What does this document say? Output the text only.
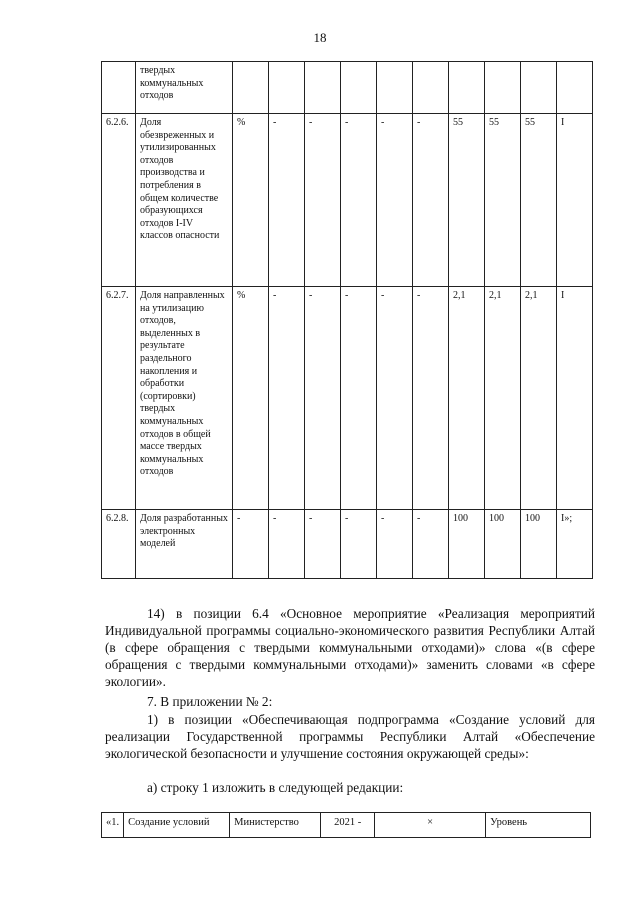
18
	твердых коммунальных отходов										
6.2.6.	Доля обезвреженных и утилизированных отходов производства и потребления в общем количестве образующихся отходов I-IV классов опасности	%	-	-	-	-	-	55	55	55	I
6.2.7.	Доля направленных на утилизацию отходов, выделенных в результате раздельного накопления и обработки (сортировки) твердых коммунальных отходов в общей массе твердых коммунальных отходов	%	-	-	-	-	-	2,1	2,1	2,1	I
6.2.8.	Доля разработанных электронных моделей	-	-	-	-	-	-	100	100	100	I»;
14) в позиции 6.4 «Основное мероприятие «Реализация мероприятий Индивидуальной программы социально-экономического развития Республики Алтай (в сфере обращения с твердыми коммунальными отходами)» слова «(в сфере обращения с твердыми коммунальными отходами)» заменить словами «в сфере экологии».
7. В приложении № 2:
1) в позиции «Обеспечивающая подпрограмма «Создание условий для реализации Государственной программы Республики Алтай «Обеспечение экологической безопасности и улучшение состояния окружающей среды»:
а) строку 1 изложить в следующей редакции:
«1.	Создание условий	Министерство	2021 -	×	Уровень
